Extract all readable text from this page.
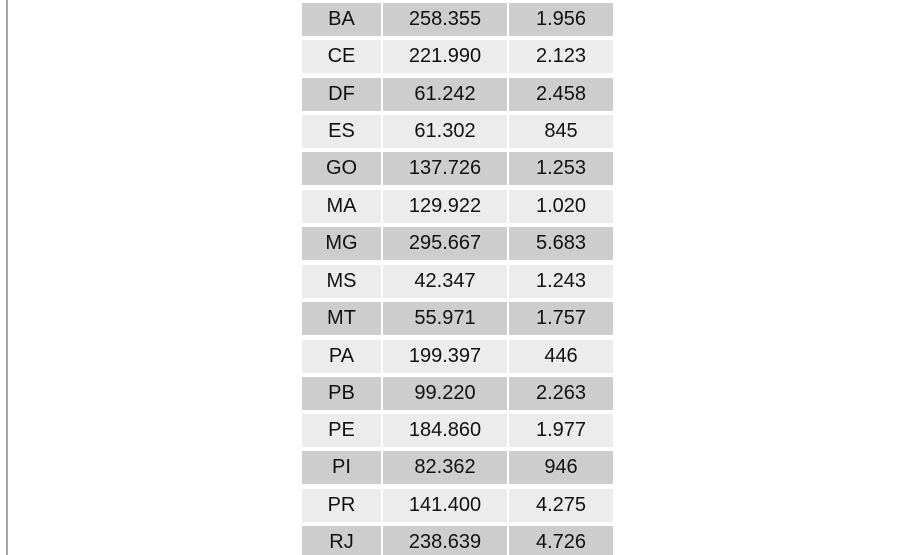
BA	258.355	1.956
CE	221.990	2.123
DF	61.242	2.458
ES	61.302	845
GO	137.726	1.253
MA	129.922	1.020
MG	295.667	5.683
MS	42.347	1.243
MT	55.971	1.757
PA	199.397	446
PB	99.220	2.263
PE	184.860	1.977
PI	82.362	946
PR	141.400	4.275
RJ	238.639	4.726
